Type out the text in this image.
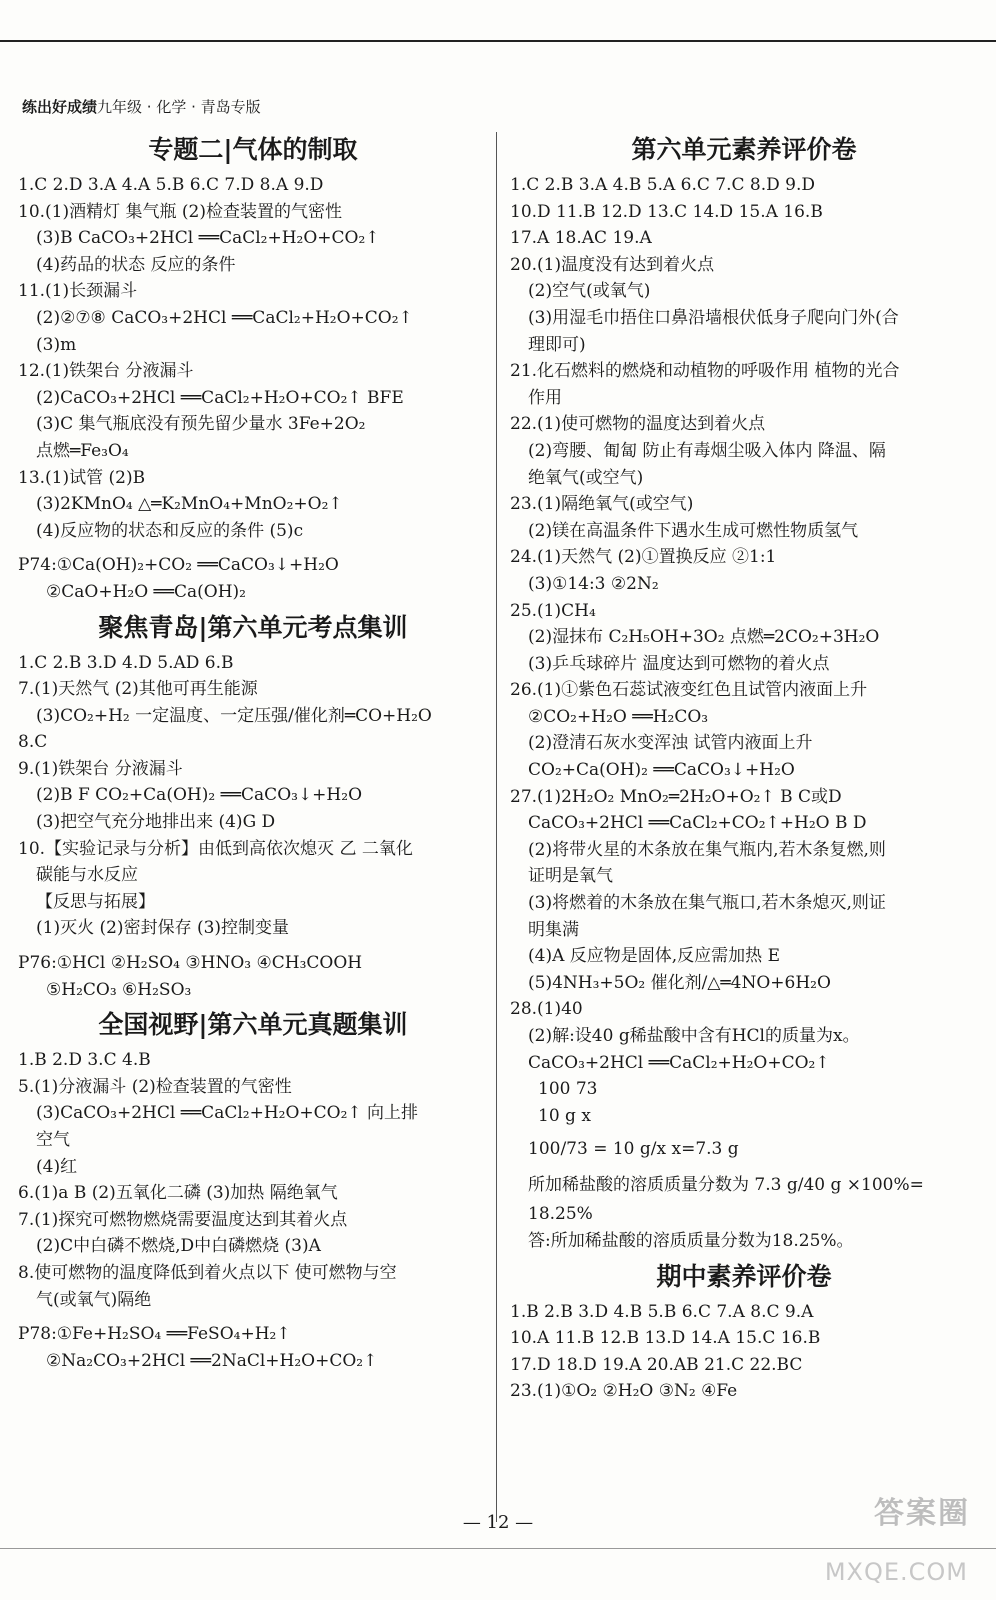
练出好成绩九年级 · 化学 · 青岛专版
专题二|气体的制取
1.C 2.D 3.A 4.A 5.B 6.C 7.D 8.A 9.D
10.(1)酒精灯 集气瓶 (2)检查装置的气密性
(3)B CaCO₃+2HCl ══CaCl₂+H₂O+CO₂↑
(4)药品的状态 反应的条件
11.(1)长颈漏斗
(2)②⑦⑧ CaCO₃+2HCl ══CaCl₂+H₂O+CO₂↑
(3)m
12.(1)铁架台 分液漏斗
(2)CaCO₃+2HCl ══CaCl₂+H₂O+CO₂↑ BFE
(3)C 集气瓶底没有预先留少量水 3Fe+2O₂
点燃═Fe₃O₄
13.(1)试管 (2)B
(3)2KMnO₄ △═K₂MnO₄+MnO₂+O₂↑
(4)反应物的状态和反应的条件 (5)c
P74:①Ca(OH)₂+CO₂ ══CaCO₃↓+H₂O
②CaO+H₂O ══Ca(OH)₂
聚焦青岛|第六单元考点集训
1.C 2.B 3.D 4.D 5.AD 6.B
7.(1)天然气 (2)其他可再生能源
(3)CO₂+H₂ 一定温度、一定压强/催化剂═CO+H₂O
8.C
9.(1)铁架台 分液漏斗
(2)B F CO₂+Ca(OH)₂ ══CaCO₃↓+H₂O
(3)把空气充分地排出来 (4)G D
10.【实验记录与分析】由低到高依次熄灭 乙 二氧化
碳能与水反应
【反思与拓展】
(1)灭火 (2)密封保存 (3)控制变量
P76:①HCl ②H₂SO₄ ③HNO₃ ④CH₃COOH
⑤H₂CO₃ ⑥H₂SO₃
全国视野|第六单元真题集训
1.B 2.D 3.C 4.B
5.(1)分液漏斗 (2)检查装置的气密性
(3)CaCO₃+2HCl ══CaCl₂+H₂O+CO₂↑ 向上排
空气
(4)红
6.(1)a B (2)五氧化二磷 (3)加热 隔绝氧气
7.(1)探究可燃物燃烧需要温度达到其着火点
(2)C中白磷不燃烧,D中白磷燃烧 (3)A
8.使可燃物的温度降低到着火点以下 使可燃物与空
气(或氧气)隔绝
P78:①Fe+H₂SO₄ ══FeSO₄+H₂↑
②Na₂CO₃+2HCl ══2NaCl+H₂O+CO₂↑
第六单元素养评价卷
1.C 2.B 3.A 4.B 5.A 6.C 7.C 8.D 9.D
10.D 11.B 12.D 13.C 14.D 15.A 16.B
17.A 18.AC 19.A
20.(1)温度没有达到着火点
(2)空气(或氧气)
(3)用湿毛巾捂住口鼻沿墙根伏低身子爬向门外(合
理即可)
21.化石燃料的燃烧和动植物的呼吸作用 植物的光合
作用
22.(1)使可燃物的温度达到着火点
(2)弯腰、匍匐 防止有毒烟尘吸入体内 降温、隔
绝氧气(或空气)
23.(1)隔绝氧气(或空气)
(2)镁在高温条件下遇水生成可燃性物质氢气
24.(1)天然气 (2)①置换反应 ②1:1
(3)①14:3 ②2N₂
25.(1)CH₄
(2)湿抹布 C₂H₅OH+3O₂ 点燃═2CO₂+3H₂O
(3)乒乓球碎片 温度达到可燃物的着火点
26.(1)①紫色石蕊试液变红色且试管内液面上升
②CO₂+H₂O ══H₂CO₃
(2)澄清石灰水变浑浊 试管内液面上升
CO₂+Ca(OH)₂ ══CaCO₃↓+H₂O
27.(1)2H₂O₂ MnO₂═2H₂O+O₂↑ B C或D
CaCO₃+2HCl ══CaCl₂+CO₂↑+H₂O B D
(2)将带火星的木条放在集气瓶内,若木条复燃,则
证明是氧气
(3)将燃着的木条放在集气瓶口,若木条熄灭,则证
明集满
(4)A 反应物是固体,反应需加热 E
(5)4NH₃+5O₂ 催化剂/△═4NO+6H₂O
28.(1)40
(2)解:设40 g稀盐酸中含有HCl的质量为x。
CaCO₃+2HCl ══CaCl₂+H₂O+CO₂↑
100 73
10 g x
100/73 = 10 g/x x=7.3 g
所加稀盐酸的溶质质量分数为 7.3 g/40 g ×100%=
18.25%
答:所加稀盐酸的溶质质量分数为18.25%。
期中素养评价卷
1.B 2.B 3.D 4.B 5.B 6.C 7.A 8.C 9.A
10.A 11.B 12.B 13.D 14.A 15.C 16.B
17.D 18.D 19.A 20.AB 21.C 22.BC
23.(1)①O₂ ②H₂O ③N₂ ④Fe
— 12 —	答案圈
MXQE.COM
